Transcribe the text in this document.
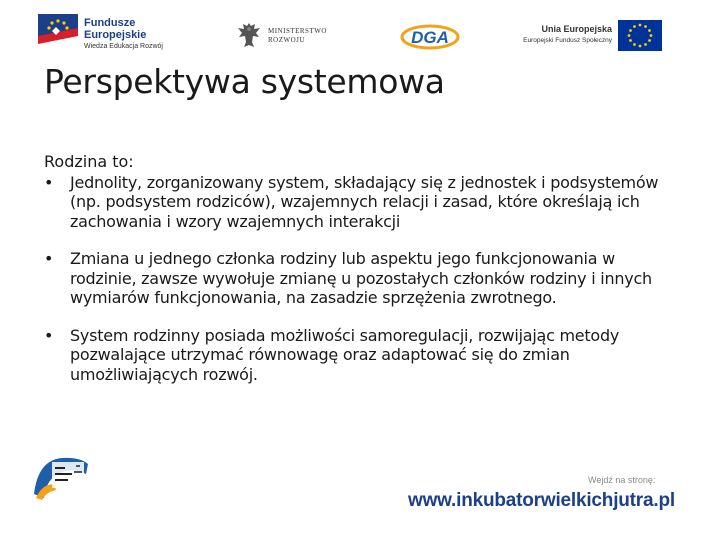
Fundusze
Europejskie
Wiedza Edukacja Rozwój
MINISTERSTWO
ROZWOJU	DGA	Unia Europejska
Europejski Fundusz Społeczny
Perspektywa systemowa

Rodzina to:

• Jednolity, zorganizowany system, składający się z jednostek i podsystemów (np. podsystem rodziców), wzajemnych relacji i zasad, które określają ich zachowania i wzory wzajemnych interakcji
• Zmiana u jednego członka rodziny lub aspektu jego funkcjonowania w rodzinie, zawsze wywołuje zmianę u pozostałych członków rodziny i innych wymiarów funkcjonowania, na zasadzie sprzężenia zwrotnego.
• System rodzinny posiada możliwości samoregulacji, rozwijając metody pozwalające utrzymać równowagę oraz adaptować się do zmian umożliwiających rozwój.
Wejdź na stronę:
www.inkubatorwielkichjutra.pl
